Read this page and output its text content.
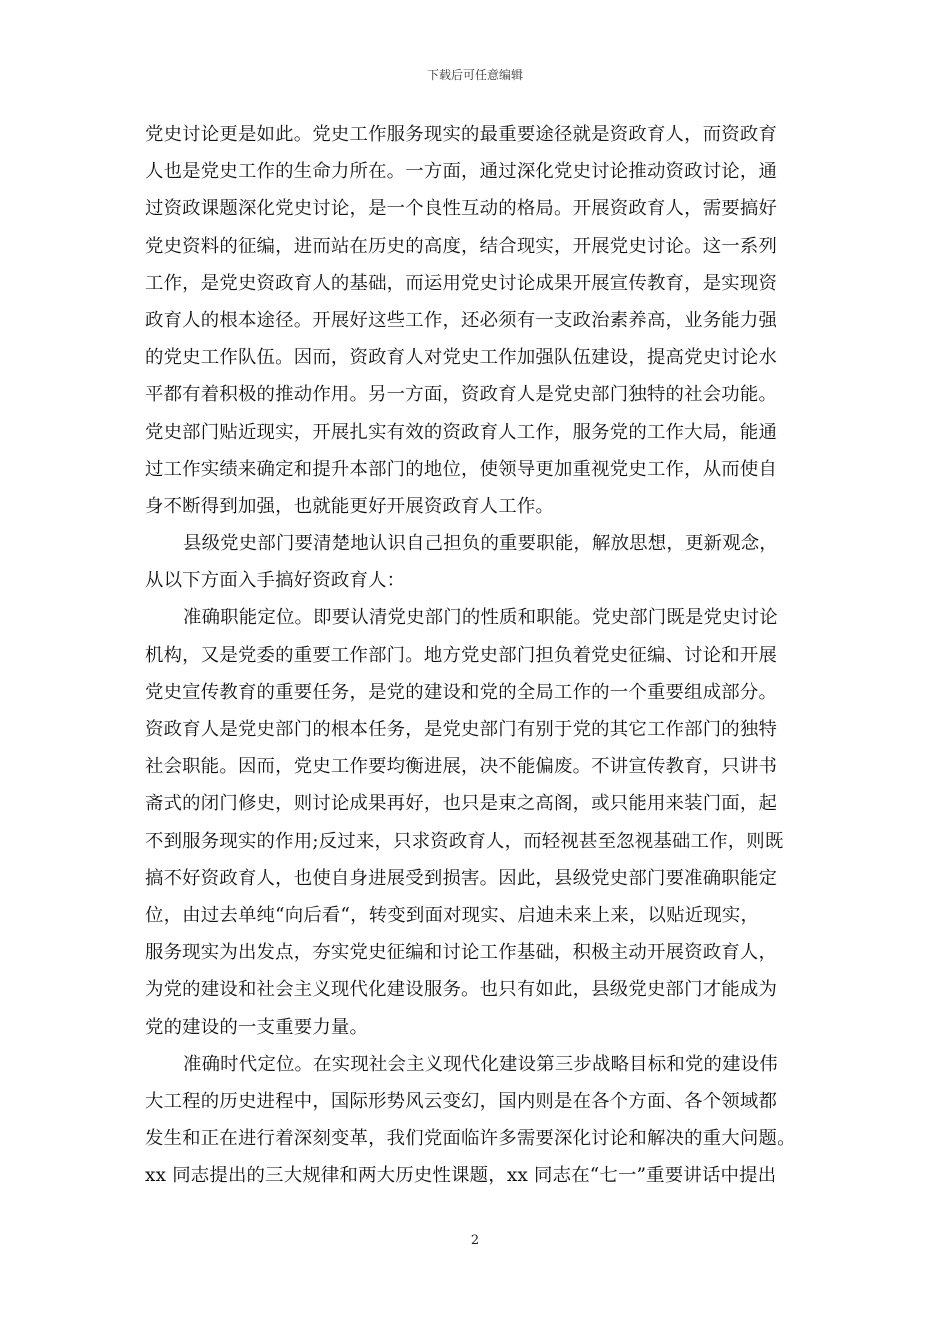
下载后可任意编辑
党史讨论更是如此。党史工作服务现实的最重要途径就是资政育人，而资政育
人也是党史工作的生命力所在。一方面，通过深化党史讨论推动资政讨论，通
过资政课题深化党史讨论，是一个良性互动的格局。开展资政育人，需要搞好
党史资料的征编，进而站在历史的高度，结合现实，开展党史讨论。这一系列
工作，是党史资政育人的基础，而运用党史讨论成果开展宣传教育，是实现资
政育人的根本途径。开展好这些工作，还必须有一支政治素养高，业务能力强
的党史工作队伍。因而，资政育人对党史工作加强队伍建设，提高党史讨论水
平都有着积极的推动作用。另一方面，资政育人是党史部门独特的社会功能。
党史部门贴近现实，开展扎实有效的资政育人工作，服务党的工作大局，能通
过工作实绩来确定和提升本部门的地位，使领导更加重视党史工作，从而使自
身不断得到加强，也就能更好开展资政育人工作。
县级党史部门要清楚地认识自己担负的重要职能，解放思想，更新观念，
从以下方面入手搞好资政育人：
准确职能定位。即要认清党史部门的性质和职能。党史部门既是党史讨论
机构，又是党委的重要工作部门。地方党史部门担负着党史征编、讨论和开展
党史宣传教育的重要任务，是党的建设和党的全局工作的一个重要组成部分。
资政育人是党史部门的根本任务，是党史部门有别于党的其它工作部门的独特
社会职能。因而，党史工作要均衡进展，决不能偏废。不讲宣传教育，只讲书
斋式的闭门修史，则讨论成果再好，也只是束之高阁，或只能用来装门面，起
不到服务现实的作用;反过来，只求资政育人，而轻视甚至忽视基础工作，则既
搞不好资政育人，也使自身进展受到损害。因此，县级党史部门要准确职能定
位，由过去单纯“向后看“，转变到面对现实、启迪未来上来，以贴近现实，
服务现实为出发点，夯实党史征编和讨论工作基础，积极主动开展资政育人，
为党的建设和社会主义现代化建设服务。也只有如此，县级党史部门才能成为
党的建设的一支重要力量。
准确时代定位。在实现社会主义现代化建设第三步战略目标和党的建设伟
大工程的历史进程中，国际形势风云变幻，国内则是在各个方面、各个领域都
发生和正在进行着深刻变革，我们党面临许多需要深化讨论和解决的重大问题。
xx 同志提出的三大规律和两大历史性课题，xx 同志在“七一”重要讲话中提出
2
